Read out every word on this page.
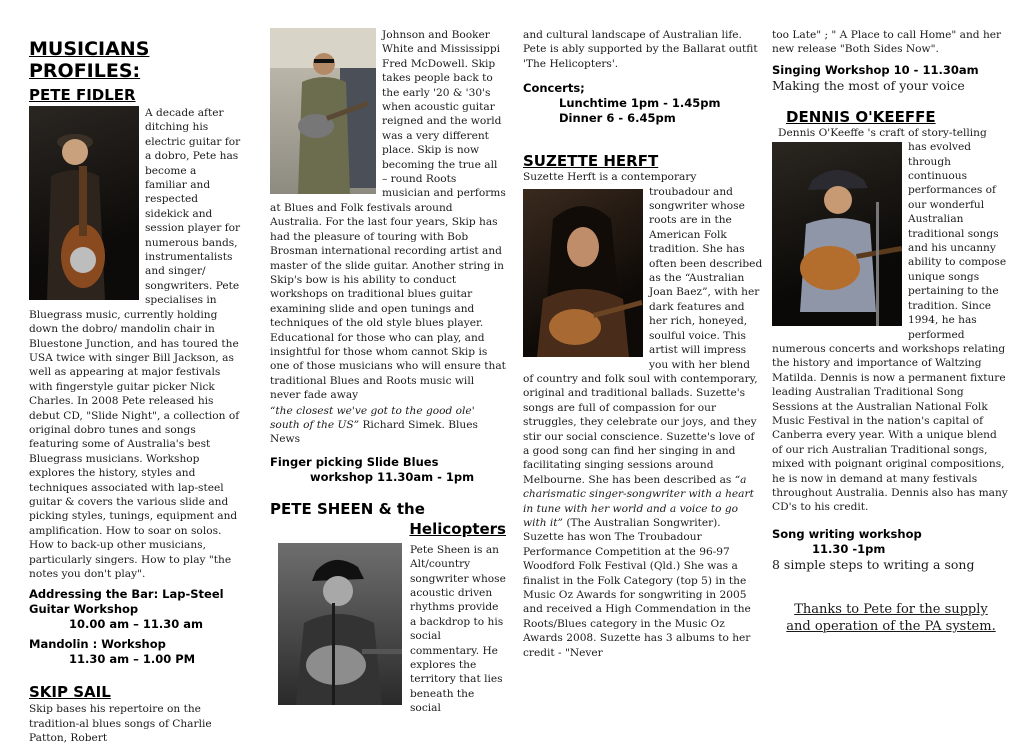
MUSICIANS PROFILES:
PETE FIDLER
A decade after ditching his electric guitar for a dobro, Pete has become a familiar and respected sidekick and session player for numerous bands, instrumentalists and singer/ songwriters. Pete specialises in Bluegrass music, currently holding down the dobro/ mandolin chair in Bluestone Junction, and has toured the USA twice with singer Bill Jackson, as well as appearing at major festivals with fingerstyle guitar picker Nick Charles. In 2008 Pete released his debut CD, "Slide Night", a collection of original dobro tunes and songs featuring some of Australia's best Bluegrass musicians. Workshop explores the history, styles and techniques associated with lap-steel guitar & covers the various slide and picking styles, tunings, equipment and amplification. How to soar on solos. How to back-up other musicians, particularly singers. How to play "the notes you don't play".
Addressing the Bar: Lap-Steel Guitar Workshop
10.00 am – 11.30 am
Mandolin : Workshop
11.30 am – 1.00 PM
SKIP SAIL
Skip bases his repertoire on the tradition-al blues songs of Charlie Patton, Robert
Johnson and Booker White and Mississippi Fred McDowell. Skip takes people back to the early '20 & '30's when acoustic guitar reigned and the world was a very different place. Skip is now becoming the true all – round Roots musician and performs at Blues and Folk festivals around Australia. For the last four years, Skip has had the pleasure of touring with Bob Brosman international recording artist and master of the slide guitar. Another string in Skip's bow is his ability to conduct workshops on traditional blues guitar examining slide and open tunings and techniques of the old style blues player. Educational for those who can play, and insightful for those whom cannot Skip is one of those musicians who will ensure that traditional Blues and Roots music will never fade away
“the closest we've got to the good ole' south of the US” Richard Simek. Blues News
Finger picking Slide Blues
workshop 11.30am - 1pm
PETE SHEEN & the
Helicopters
Pete Sheen is an Alt/country songwriter whose acoustic driven rhythms provide a backdrop to his social commentary. He explores the territory that lies beneath the social
and cultural landscape of Australian life. Pete is ably supported by the Ballarat outfit 'The Helicopters'.
Concerts;
Lunchtime 1pm - 1.45pm
Dinner 6 - 6.45pm
SUZETTE HERFT
Suzette Herft is a contemporary
troubadour and songwriter whose roots are in the American Folk tradition. She has often been described as the “Australian Joan Baez”, with her dark features and her rich, honeyed, soulful voice. This artist will impress you with her blend of country and folk soul with contemporary, original and traditional ballads. Suzette's songs are full of compassion for our struggles, they celebrate our joys, and they stir our social conscience. Suzette's love of a good song can find her singing in and facilitating singing sessions around Melbourne. She has been described as “a charismatic singer-songwriter with a heart in tune with her world and a voice to go with it” (The Australian Songwriter). Suzette has won The Troubadour Performance Competition at the 96-97 Woodford Folk Festival (Qld.) She was a finalist in the Folk Category (top 5) in the Music Oz Awards for songwriting in 2005 and received a High Commendation in the Roots/Blues category in the Music Oz Awards 2008. Suzette has 3 albums to her credit - "Never
too Late" ; " A Place to call Home" and her new release "Both Sides Now".
Singing Workshop 10 - 11.30am
Making the most of your voice
DENNIS O'KEEFFE
Dennis O'Keeffe 's craft of story-telling
has evolved through continuous performances of our wonderful Australian traditional songs and his uncanny ability to compose unique songs pertaining to the tradition. Since 1994, he has performed numerous concerts and workshops relating the history and importance of Waltzing Matilda. Dennis is now a permanent fixture leading Australian Traditional Song Sessions at the Australian National Folk Music Festival in the nation's capital of Canberra every year. With a unique blend of our rich Australian Traditional songs, mixed with poignant original compositions, he is now in demand at many festivals throughout Australia. Dennis also has many CD's to his credit.
Song writing workshop
11.30 -1pm
8 simple steps to writing a song
Thanks to Pete for the supply and operation of the PA system.
